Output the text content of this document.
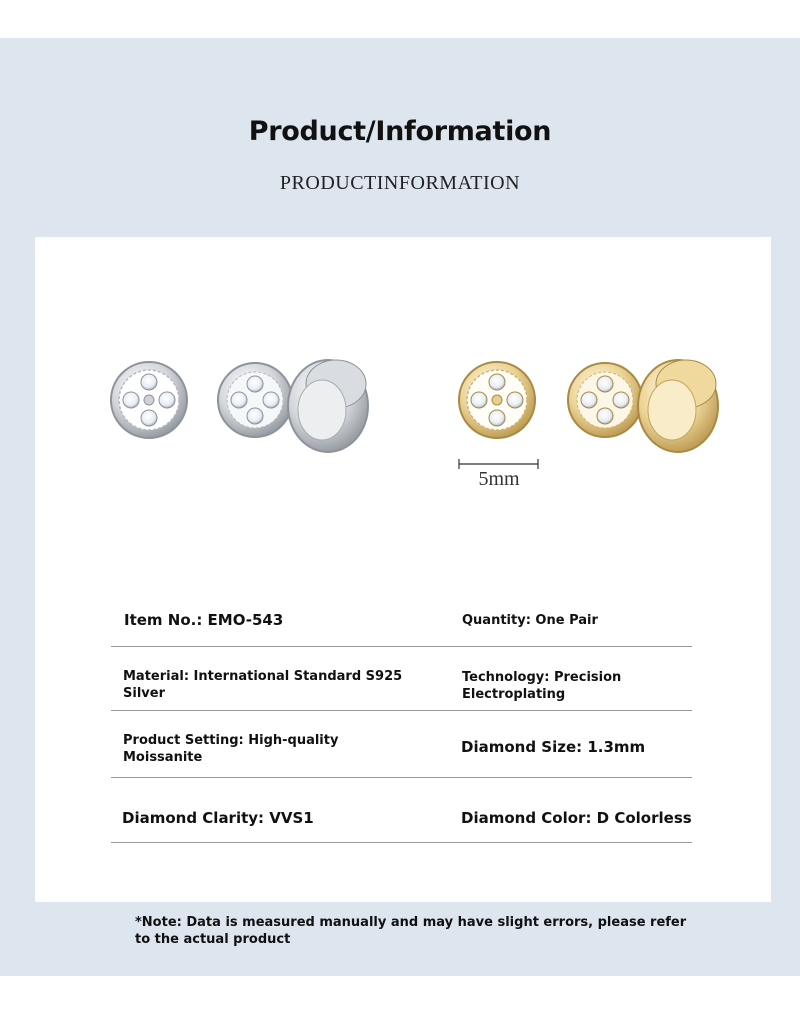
Product/Information
PRODUCTINFORMATION
5mm
Item No.: EMO-543	Quantity: One Pair
Material: International Standard S925 Silver
Technology: Precision Electroplating
Product Setting: High-quality Moissanite
Diamond Size: 1.3mm
Diamond Clarity: VVS1	Diamond Color: D Colorless
*Note: Data is measured manually and may have slight errors, please refer to the actual product
